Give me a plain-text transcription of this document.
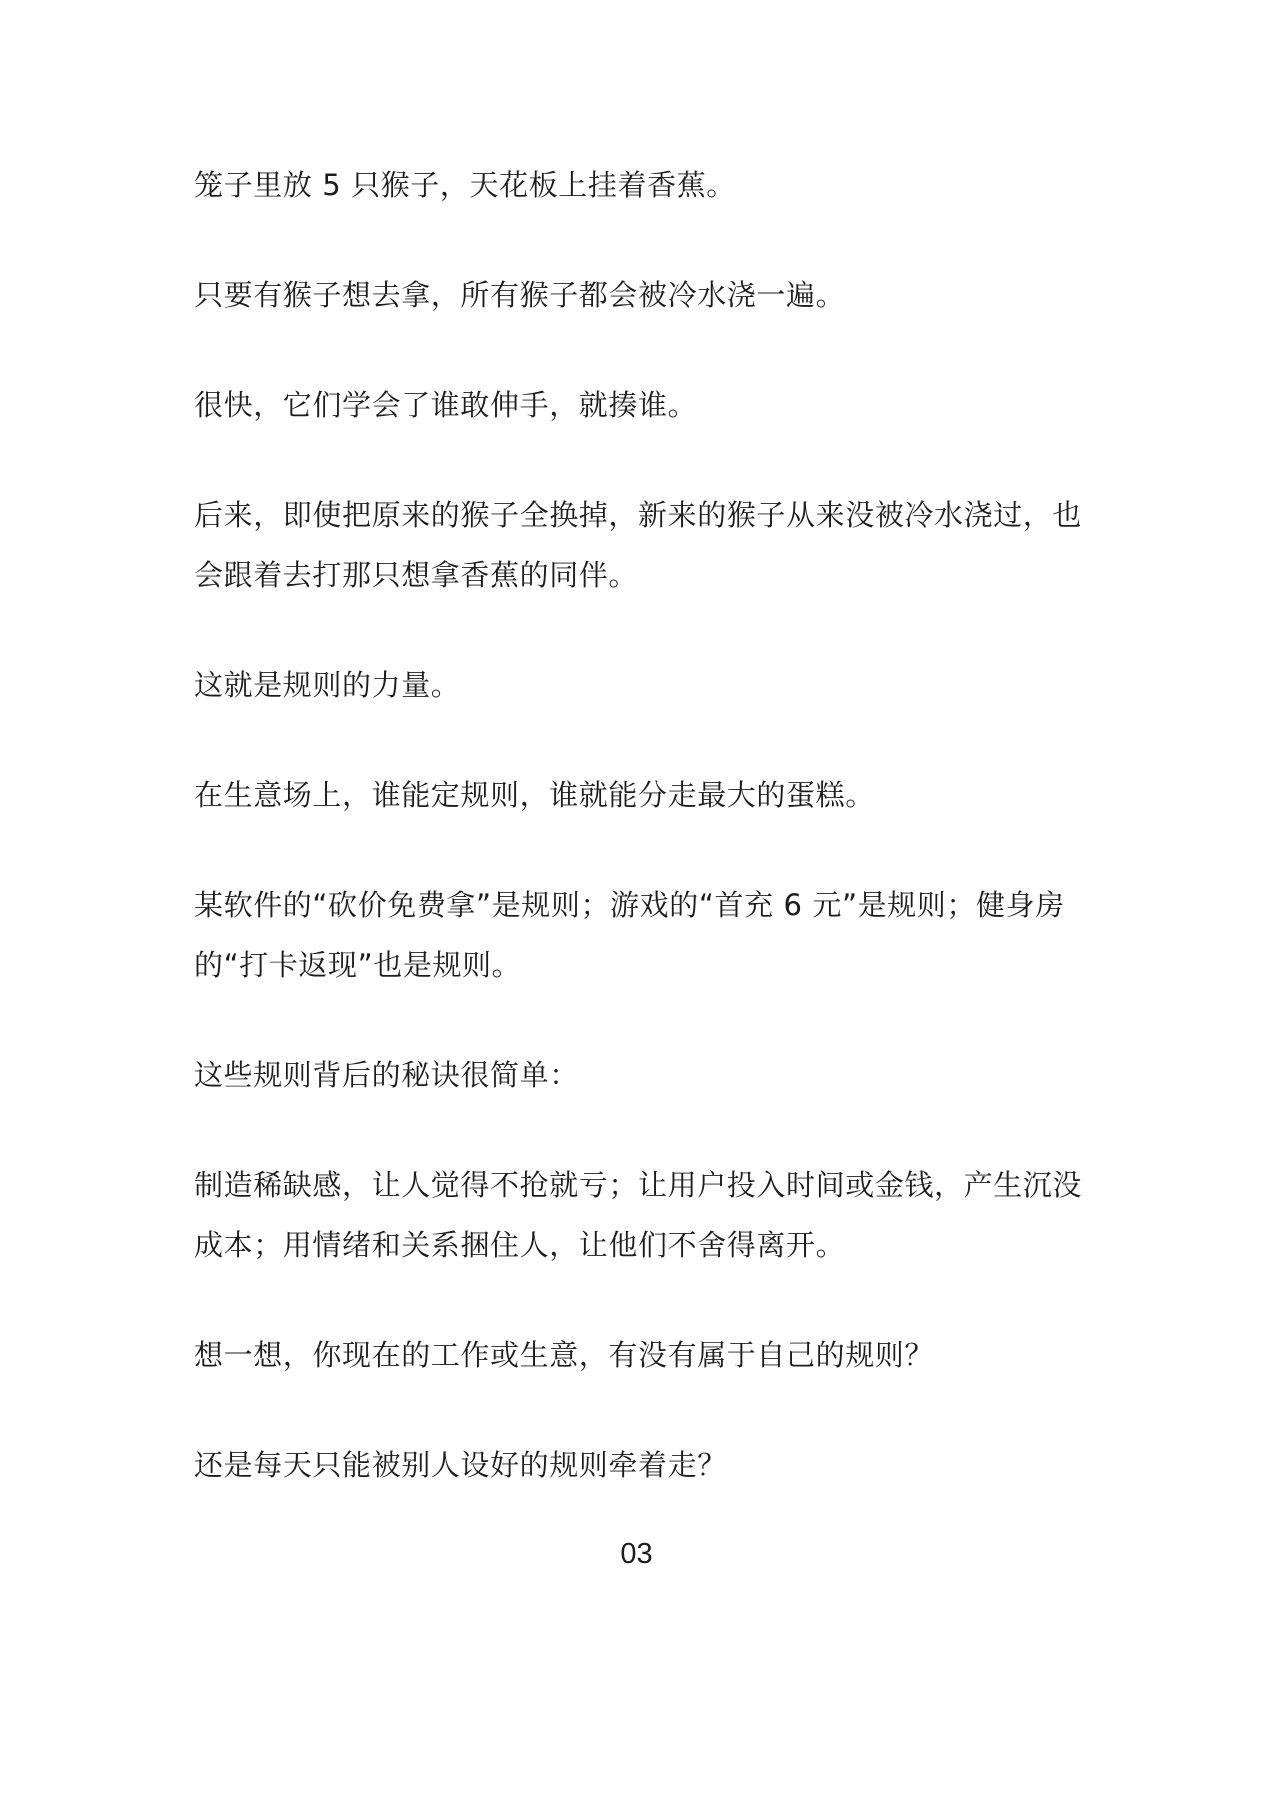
笼子里放 5 只猴子，天花板上挂着香蕉。

只要有猴子想去拿，所有猴子都会被冷水浇一遍。

很快，它们学会了谁敢伸手，就揍谁。

后来，即使把原来的猴子全换掉，新来的猴子从来没被冷水浇过，也会跟着去打那只想拿香蕉的同伴。

这就是规则的力量。

在生意场上，谁能定规则，谁就能分走最大的蛋糕。

某软件的“砍价免费拿”是规则；游戏的“首充 6 元”是规则；健身房的“打卡返现”也是规则。

这些规则背后的秘诀很简单：

制造稀缺感，让人觉得不抢就亏；让用户投入时间或金钱，产生沉没成本；用情绪和关系捆住人，让他们不舍得离开。

想一想，你现在的工作或生意，有没有属于自己的规则？

还是每天只能被别人设好的规则牵着走？

03
